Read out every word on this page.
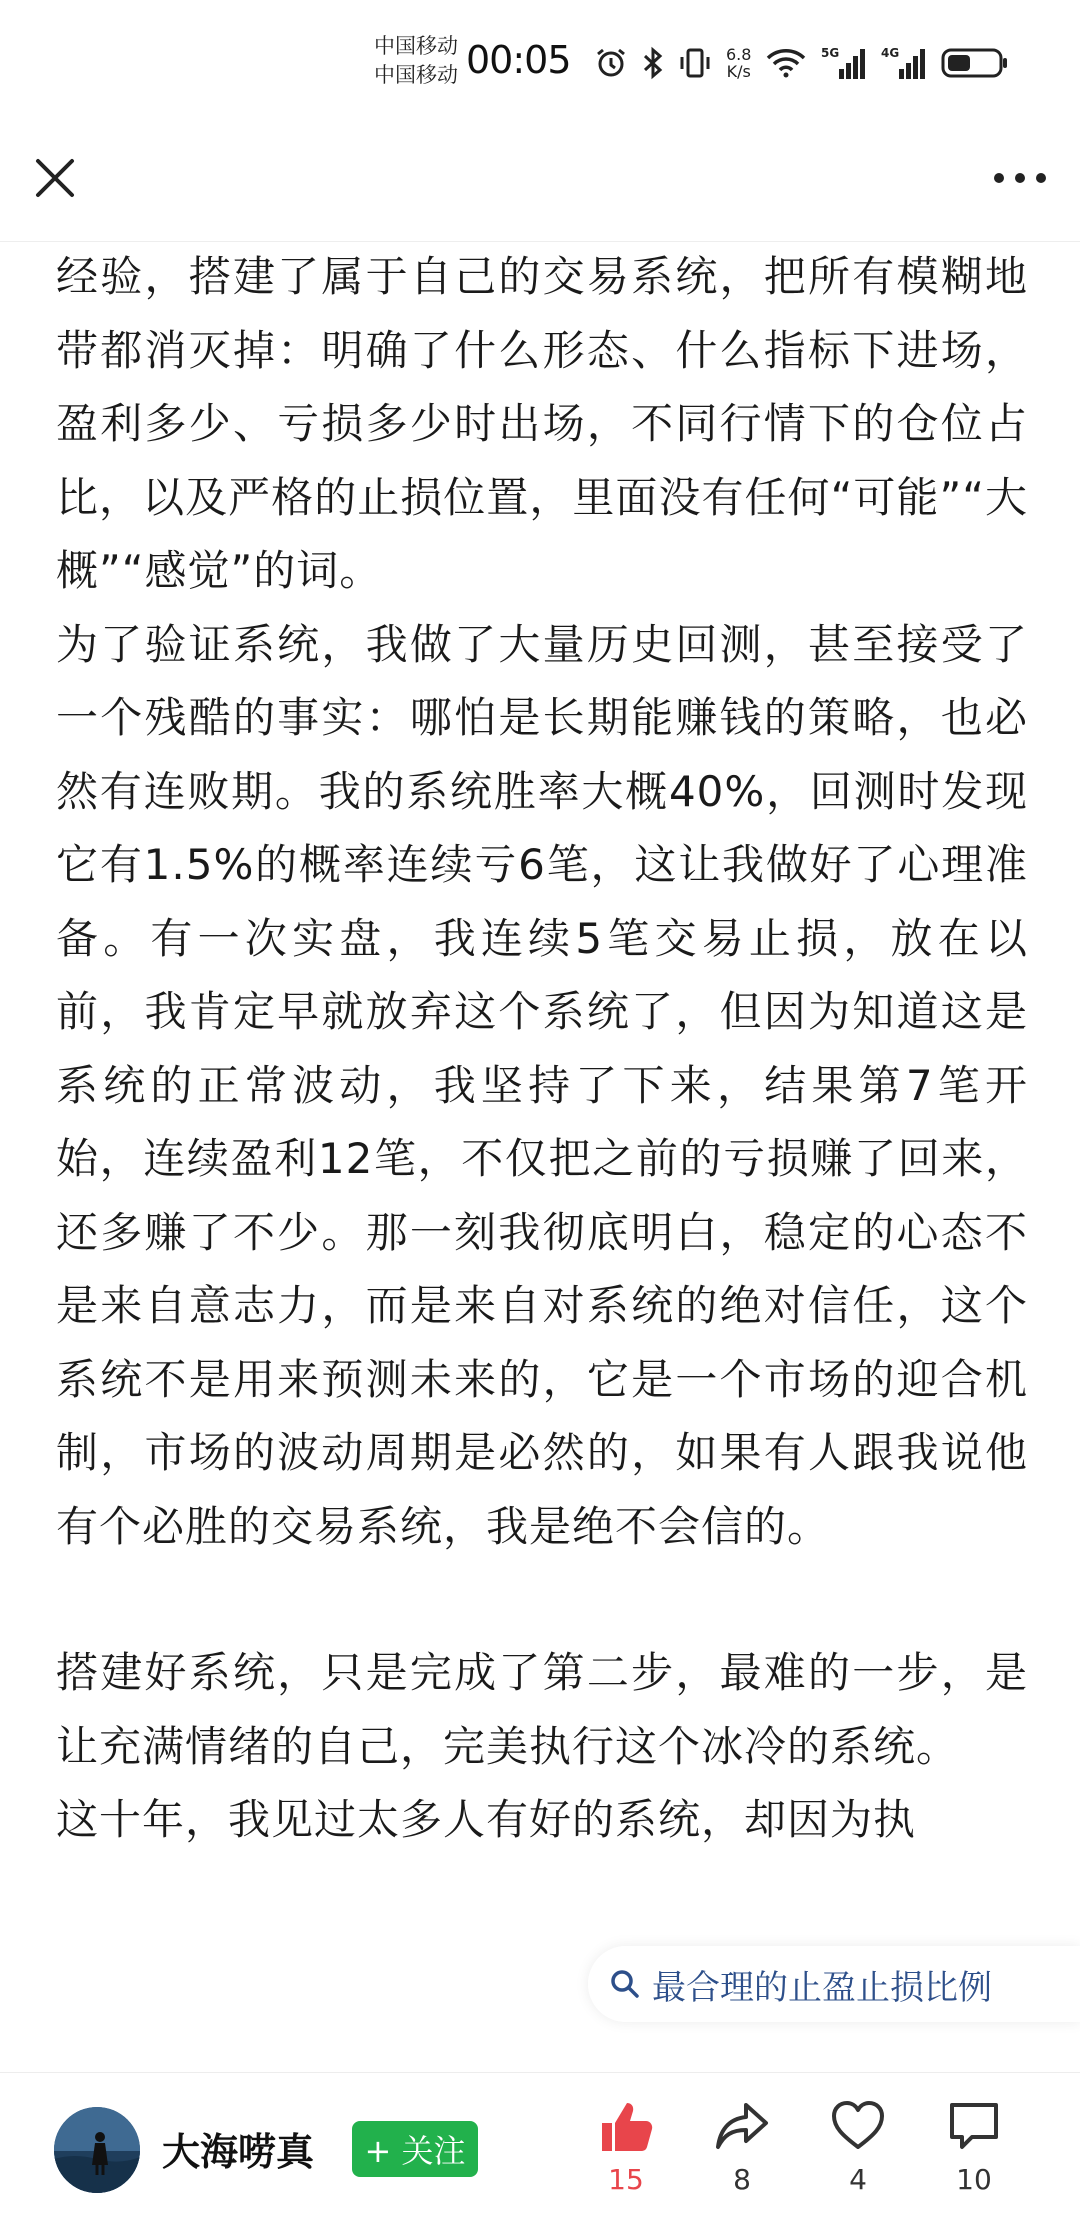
中国移动
中国移动 00:05	6.8
K/s
5G	4G

经验，搭建了属于自己的交易系统，把所有模糊地带都消灭掉：明确了什么形态、什么指标下进场，盈利多少、亏损多少时出场，不同行情下的仓位占比，以及严格的止损位置，里面没有任何“可能”“大概”“感觉”的词。

为了验证系统，我做了大量历史回测，甚至接受了一个残酷的事实：哪怕是长期能赚钱的策略，也必然有连败期。我的系统胜率大概40%，回测时发现它有1.5%的概率连续亏6笔，这让我做好了心理准备。有一次实盘，我连续5笔交易止损，放在以前，我肯定早就放弃这个系统了，但因为知道这是系统的正常波动，我坚持了下来，结果第7笔开始，连续盈利12笔，不仅把之前的亏损赚了回来，还多赚了不少。那一刻我彻底明白，稳定的心态不是来自意志力，而是来自对系统的绝对信任，这个系统不是用来预测未来的，它是一个市场的迎合机制，市场的波动周期是必然的，如果有人跟我说他有个必胜的交易系统，我是绝不会信的。

搭建好系统，只是完成了第二步，最难的一步，是让充满情绪的自己，完美执行这个冰冷的系统。

这十年，我见过太多人有好的系统，却因为执

最合理的止盈止损比例
大海唠真	+ 关注
15	8	4	10
